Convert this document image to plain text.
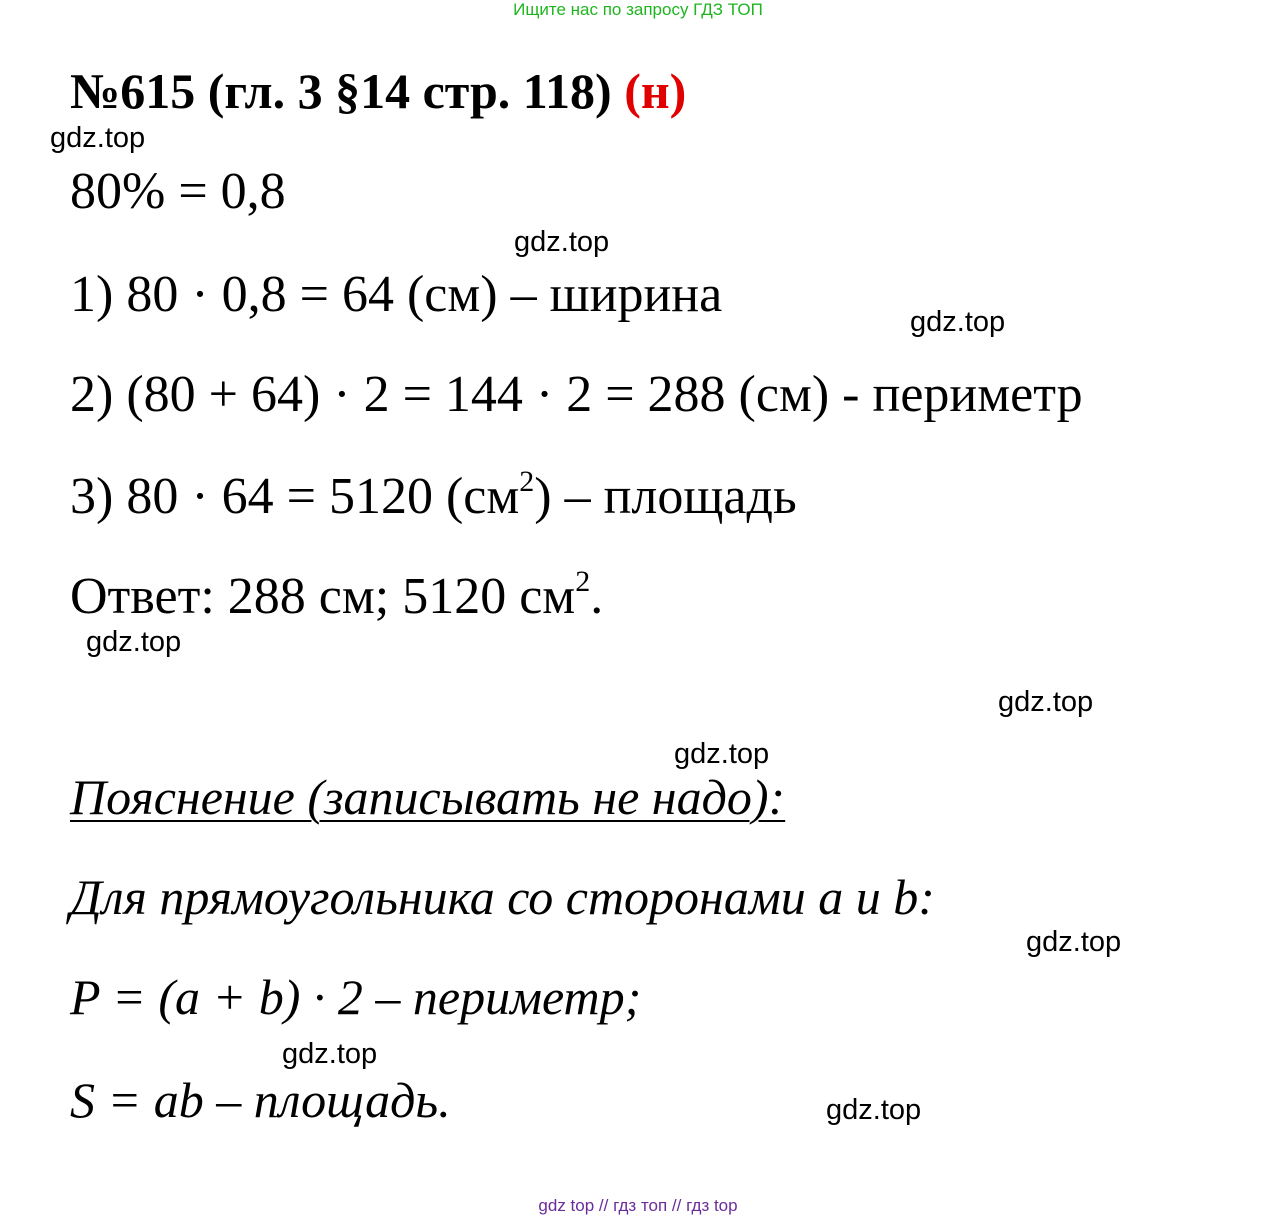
Ищите нас по запросу ГДЗ ТОП
№615 (гл. 3 §14 стр. 118) (н)
80% = 0,8
1) 80 · 0,8 = 64 (см) – ширина
2) (80 + 64) · 2 = 144 · 2 = 288 (см) - периметр
3) 80 · 64 = 5120 $(см^2)$ – площадь
Ответ: 288 см; 5120 $см^2$.
Пояснение (записывать не надо):
Для прямоугольника со сторонами a и b:
P = (a + b) · 2 – периметр;
S = ab – площадь.
gdz.top
gdz.top
gdz.top
gdz.top
gdz.top
gdz.top
gdz.top
gdz.top
gdz.top
gdz top // гдз топ // гдз top
